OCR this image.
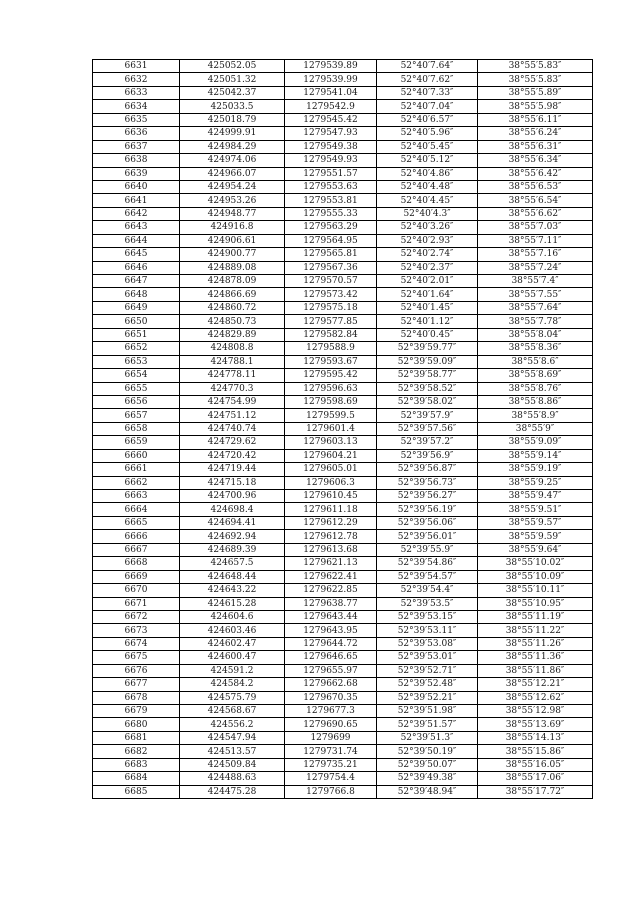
6631	425052.05	1279539.89	52°40′7.64″	38°55′5.83″
6632	425051.32	1279539.99	52°40′7.62″	38°55′5.83″
6633	425042.37	1279541.04	52°40′7.33″	38°55′5.89″
6634	425033.5	1279542.9	52°40′7.04″	38°55′5.98″
6635	425018.79	1279545.42	52°40′6.57″	38°55′6.11″
6636	424999.91	1279547.93	52°40′5.96″	38°55′6.24″
6637	424984.29	1279549.38	52°40′5.45″	38°55′6.31″
6638	424974.06	1279549.93	52°40′5.12″	38°55′6.34″
6639	424966.07	1279551.57	52°40′4.86″	38°55′6.42″
6640	424954.24	1279553.63	52°40′4.48″	38°55′6.53″
6641	424953.26	1279553.81	52°40′4.45″	38°55′6.54″
6642	424948.77	1279555.33	52°40′4.3″	38°55′6.62″
6643	424916.8	1279563.29	52°40′3.26″	38°55′7.03″
6644	424906.61	1279564.95	52°40′2.93″	38°55′7.11″
6645	424900.77	1279565.81	52°40′2.74″	38°55′7.16″
6646	424889.08	1279567.36	52°40′2.37″	38°55′7.24″
6647	424878.09	1279570.57	52°40′2.01″	38°55′7.4″
6648	424866.69	1279573.42	52°40′1.64″	38°55′7.55″
6649	424860.72	1279575.18	52°40′1.45″	38°55′7.64″
6650	424850.73	1279577.85	52°40′1.12″	38°55′7.78″
6651	424829.89	1279582.84	52°40′0.45″	38°55′8.04″
6652	424808.8	1279588.9	52°39′59.77″	38°55′8.36″
6653	424788.1	1279593.67	52°39′59.09″	38°55′8.6″
6654	424778.11	1279595.42	52°39′58.77″	38°55′8.69″
6655	424770.3	1279596.63	52°39′58.52″	38°55′8.76″
6656	424754.99	1279598.69	52°39′58.02″	38°55′8.86″
6657	424751.12	1279599.5	52°39′57.9″	38°55′8.9″
6658	424740.74	1279601.4	52°39′57.56″	38°55′9″
6659	424729.62	1279603.13	52°39′57.2″	38°55′9.09″
6660	424720.42	1279604.21	52°39′56.9″	38°55′9.14″
6661	424719.44	1279605.01	52°39′56.87″	38°55′9.19″
6662	424715.18	1279606.3	52°39′56.73″	38°55′9.25″
6663	424700.96	1279610.45	52°39′56.27″	38°55′9.47″
6664	424698.4	1279611.18	52°39′56.19″	38°55′9.51″
6665	424694.41	1279612.29	52°39′56.06″	38°55′9.57″
6666	424692.94	1279612.78	52°39′56.01″	38°55′9.59″
6667	424689.39	1279613.68	52°39′55.9″	38°55′9.64″
6668	424657.5	1279621.13	52°39′54.86″	38°55′10.02″
6669	424648.44	1279622.41	52°39′54.57″	38°55′10.09″
6670	424643.22	1279622.85	52°39′54.4″	38°55′10.11″
6671	424615.28	1279638.77	52°39′53.5″	38°55′10.95″
6672	424604.6	1279643.44	52°39′53.15″	38°55′11.19″
6673	424603.46	1279643.95	52°39′53.11″	38°55′11.22″
6674	424602.47	1279644.72	52°39′53.08″	38°55′11.26″
6675	424600.47	1279646.65	52°39′53.01″	38°55′11.36″
6676	424591.2	1279655.97	52°39′52.71″	38°55′11.86″
6677	424584.2	1279662.68	52°39′52.48″	38°55′12.21″
6678	424575.79	1279670.35	52°39′52.21″	38°55′12.62″
6679	424568.67	1279677.3	52°39′51.98″	38°55′12.98″
6680	424556.2	1279690.65	52°39′51.57″	38°55′13.69″
6681	424547.94	1279699	52°39′51.3″	38°55′14.13″
6682	424513.57	1279731.74	52°39′50.19″	38°55′15.86″
6683	424509.84	1279735.21	52°39′50.07″	38°55′16.05″
6684	424488.63	1279754.4	52°39′49.38″	38°55′17.06″
6685	424475.28	1279766.8	52°39′48.94″	38°55′17.72″
